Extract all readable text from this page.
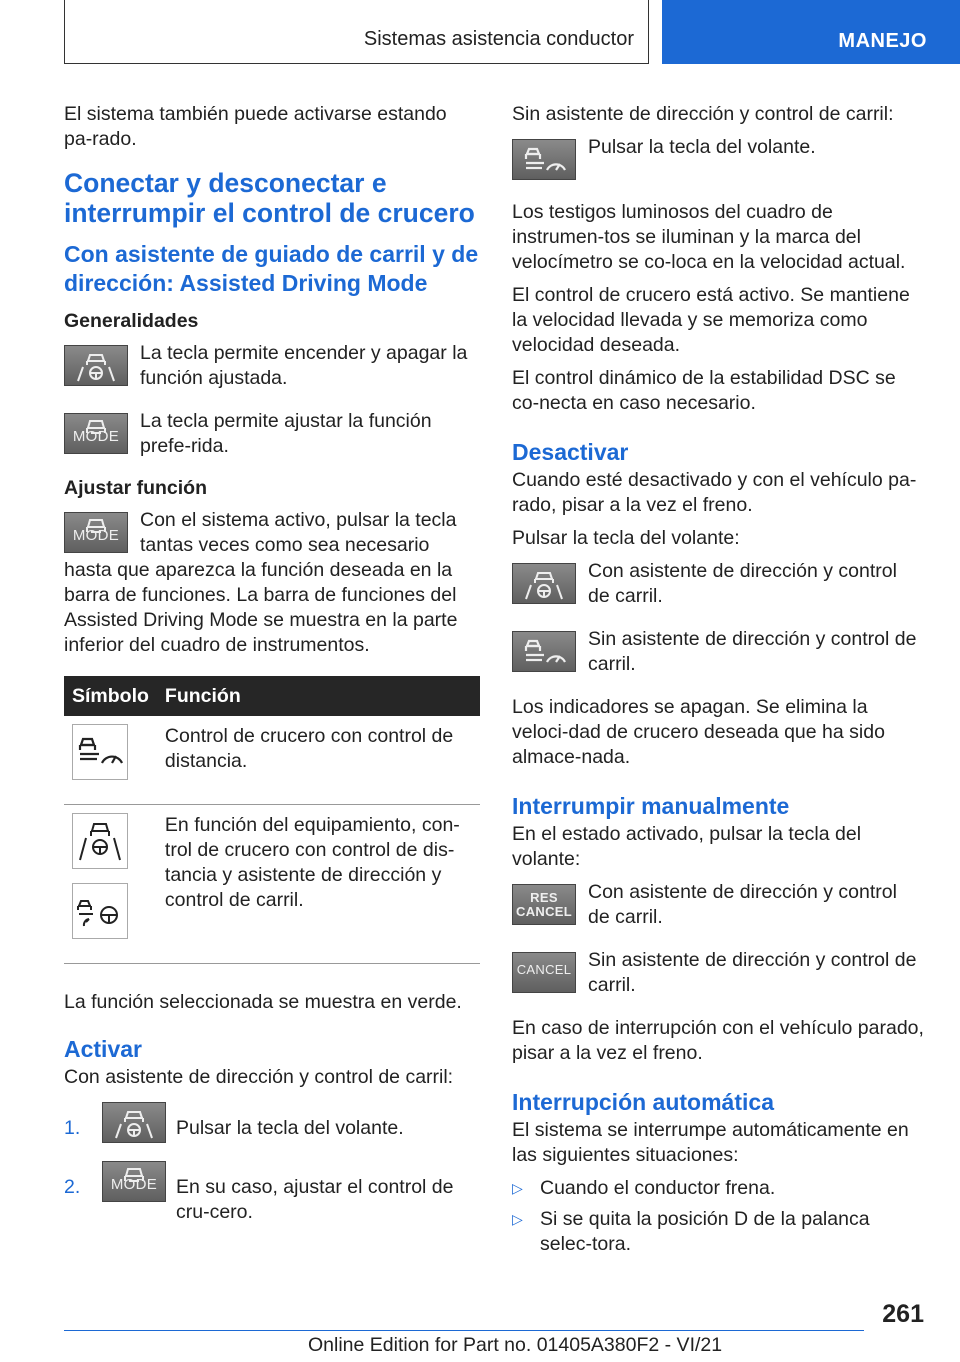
Sistemas asistencia conductor	MANEJO

El sistema también puede activarse estando pa-rado.

Conectar y desconectar e interrumpir el control de crucero
Con asistente de guiado de carril y de dirección: Assisted Driving Mode
Generalidades
La tecla permite encender y apagar la función ajustada.
MODE
La tecla permite ajustar la función prefe-rida.
Ajustar función
MODE
Con el sistema activo, pulsar la tecla tantas veces como sea necesario hasta que aparezca la función deseada en la barra de funciones. La barra de funciones del Assisted Driving Mode se muestra en la parte inferior del cuadro de instrumentos.
Símbolo	Función

	Control de crucero con control de distancia.

	En función del equipamiento, con-trol de crucero con control de dis-tancia y asistente de dirección y control de carril.

La función seleccionada se muestra en verde.

Activar

Con asistente de dirección y control de carril:

1.	Pulsar la tecla del volante.
2.	MODE En su caso, ajustar el control de cru-cero.

Sin asistente de dirección y control de carril:

Pulsar la tecla del volante.

Los testigos luminosos del cuadro de instrumen-tos se iluminan y la marca del velocímetro se co-loca en la velocidad actual.

El control de crucero está activo. Se mantiene la velocidad llevada y se memoriza como velocidad deseada.

El control dinámico de la estabilidad DSC se co-necta en caso necesario.

Desactivar

Cuando esté desactivado y con el vehículo pa-rado, pisar a la vez el freno.

Pulsar la tecla del volante:

Con asistente de dirección y control de carril.
Sin asistente de dirección y control de carril.

Los indicadores se apagan. Se elimina la veloci-dad de crucero deseada que ha sido almace-nada.

Interrumpir manualmente

En el estado activado, pulsar la tecla del volante:

RES
CANCEL
Con asistente de dirección y control de carril.
CANCEL Sin asistente de dirección y control de carril.

En caso de interrupción con el vehículo parado, pisar a la vez el freno.

Interrupción automática

El sistema se interrumpe automáticamente en las siguientes situaciones:

▷ Cuando el conductor frena.
▷ Si se quita la posición D de la palanca selec-tora.
261
Online Edition for Part no. 01405A380F2 - VI/21
